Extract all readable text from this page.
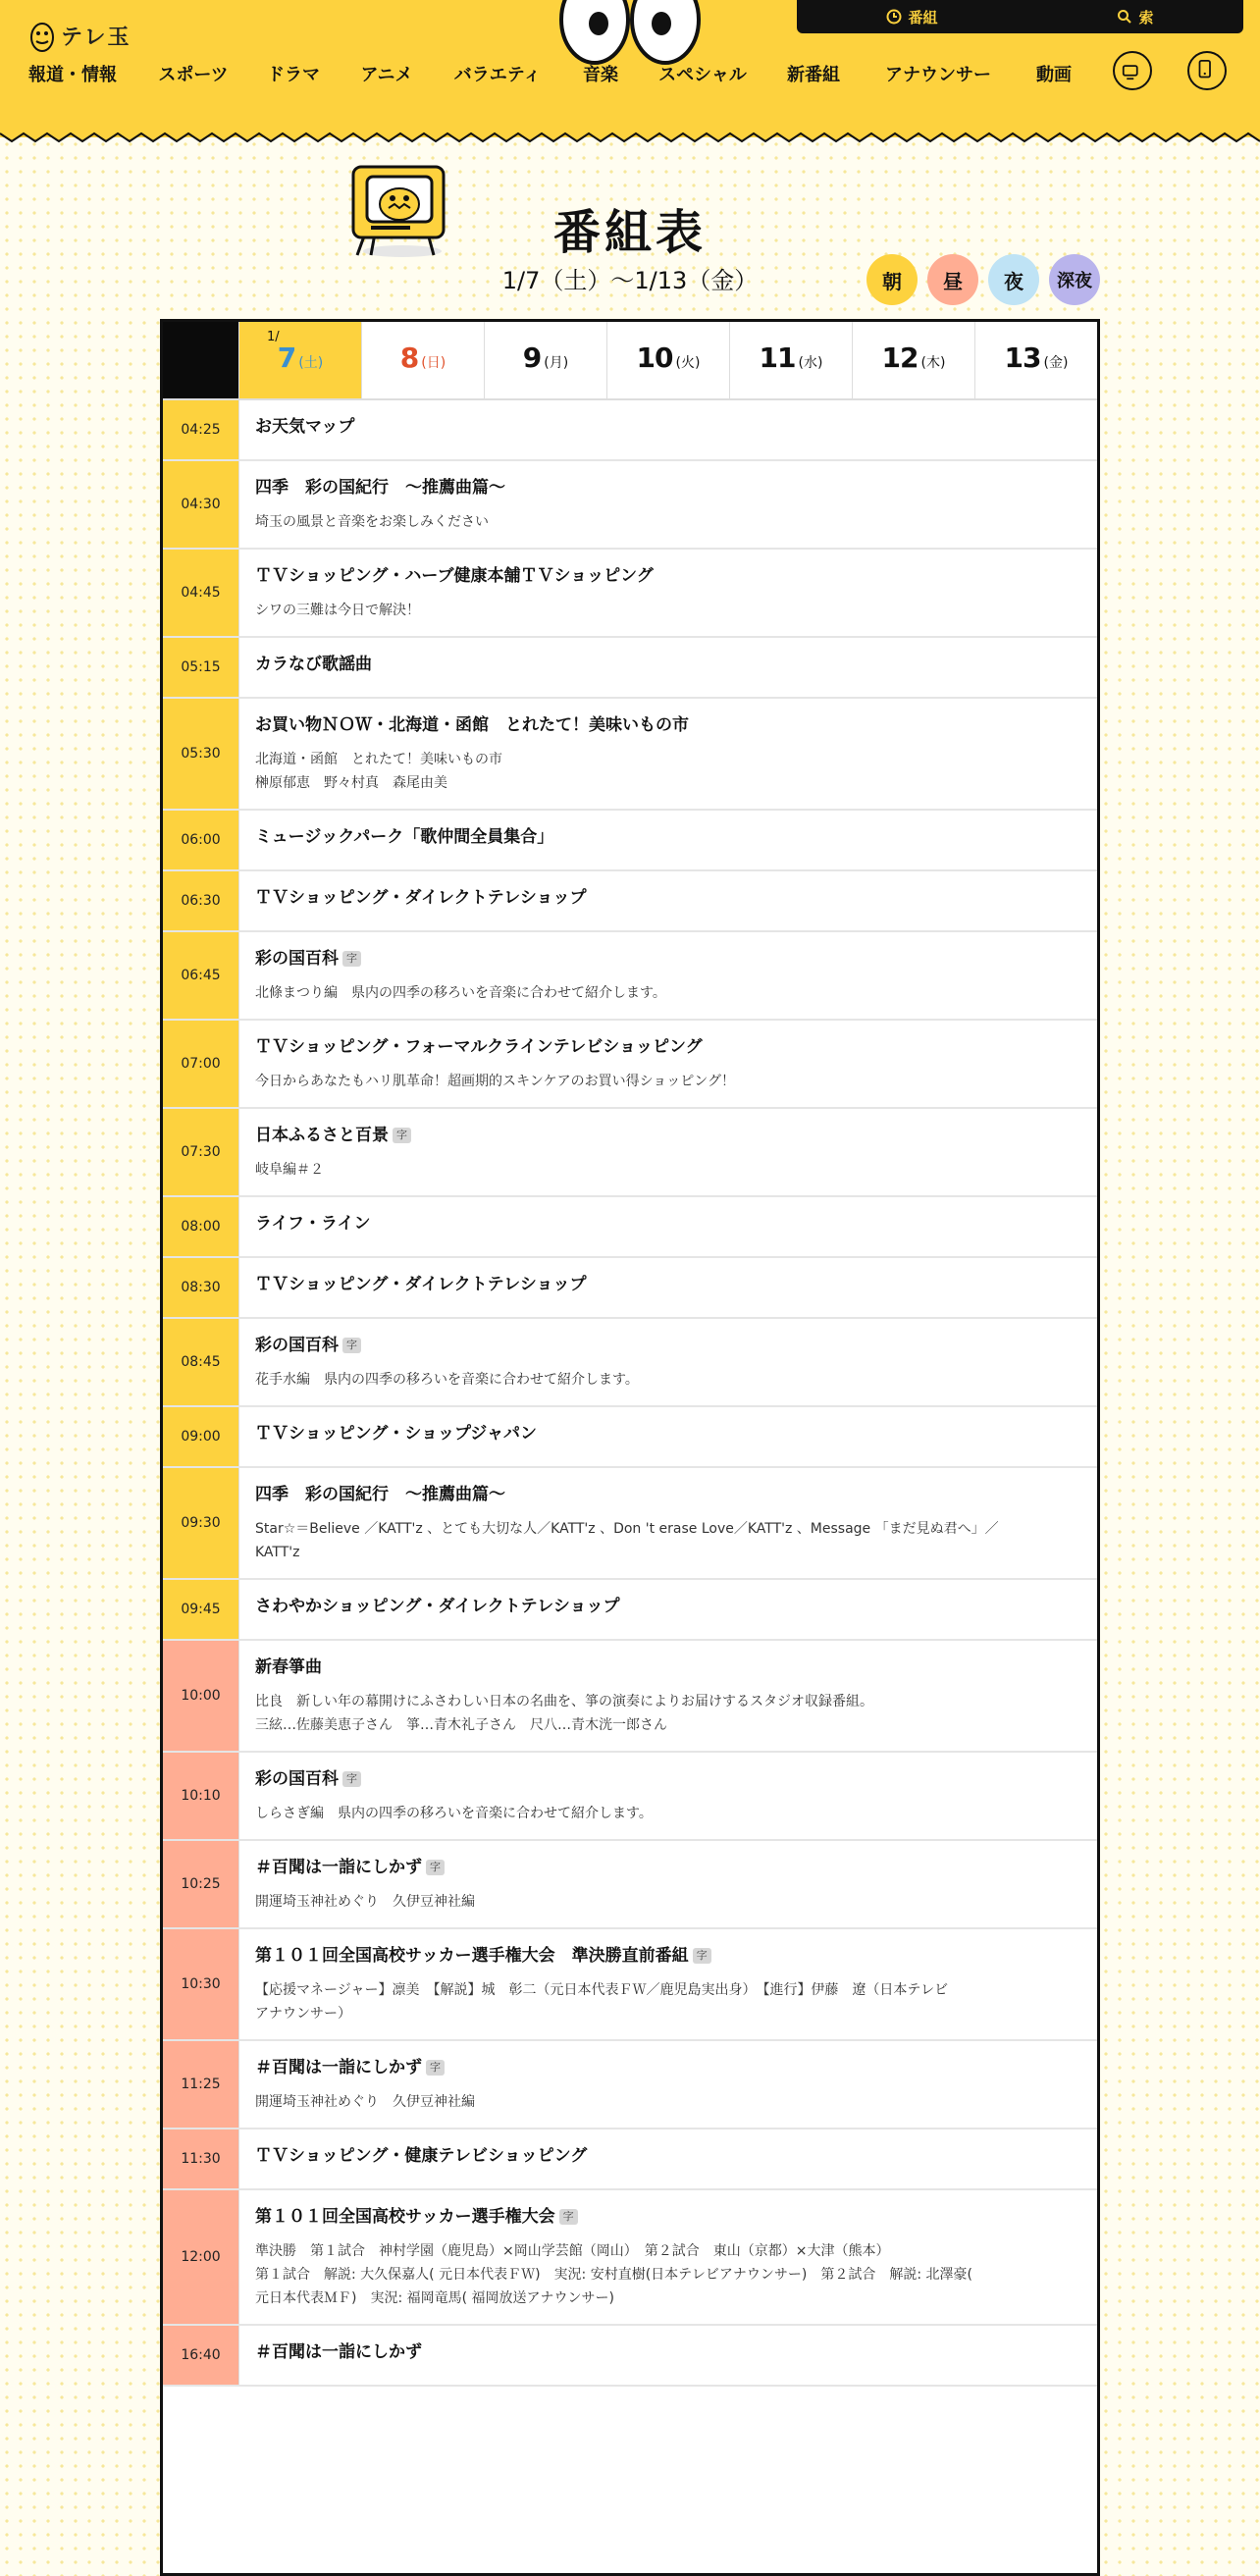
テレ玉
番組	索
報道・情報 スポーツ ドラマ アニメ バラエティ 音楽 スペシャル 新番組	アナウンサー	動画
番組表
1/7（土）〜1/13（金）	朝 昼 夜 深夜
1/
7 (土)	8 (日)	9 (月) 10 (火) 11 (水) 12 (木) 13 (金)
04:25	お天気マップ
04:30
四季　彩の国紀行　～推薦曲篇～
埼玉の風景と音楽をお楽しみください
04:45
ＴＶショッピング・ハーブ健康本舗ＴＶショッピング
シワの三難は今日で解決！
05:15	カラなび歌謡曲
05:30
お買い物ＮＯＷ・北海道・函館　とれたて！美味いもの市
北海道・函館　とれたて！美味いもの市
榊原郁恵　野々村真　森尾由美
06:00	ミュージックパーク「歌仲間全員集合」
06:30	ＴＶショッピング・ダイレクトテレショップ
06:45
彩の国百科 字
北條まつり編　県内の四季の移ろいを音楽に合わせて紹介します。
07:00
ＴＶショッピング・フォーマルクラインテレビショッピング
今日からあなたもハリ肌革命！超画期的スキンケアのお買い得ショッピング！
07:30
日本ふるさと百景 字
岐阜編＃２
08:00	ライフ・ライン
08:30	ＴＶショッピング・ダイレクトテレショップ
08:45
彩の国百科 字
花手水編　県内の四季の移ろいを音楽に合わせて紹介します。
09:00	ＴＶショッピング・ショップジャパン
09:30
四季　彩の国紀行　～推薦曲篇～
Star☆＝Believe ／KATT'z 、とても大切な人／KATT'z 、Don 't erase Love／KATT'z 、Message 「まだ見ぬ君へ」／
KATT'z
09:45	さわやかショッピング・ダイレクトテレショップ
10:00
新春箏曲
比良　新しい年の幕開けにふさわしい日本の名曲を、箏の演奏によりお届けするスタジオ収録番組。
三絃…佐藤美恵子さん　箏…青木礼子さん　尺八…青木洸一郎さん
10:10
彩の国百科 字
しらさぎ編　県内の四季の移ろいを音楽に合わせて紹介します。
10:25
＃百聞は一詣にしかず 字
開運埼玉神社めぐり　久伊豆神社編
10:30
第１０１回全国高校サッカー選手権大会　準決勝直前番組 字
【応援マネージャー】凛美　【解説】城　彰二（元日本代表ＦＷ／鹿児島実出身）　【進行】伊藤　遼（日本テレビ
アナウンサー）
11:25
＃百聞は一詣にしかず 字
開運埼玉神社めぐり　久伊豆神社編
11:30	ＴＶショッピング・健康テレビショッピング
12:00
第１０１回全国高校サッカー選手権大会 字
準決勝　第１試合　神村学園（鹿児島）×岡山学芸館（岡山）　第２試合　東山（京都）×大津（熊本）
第１試合　解説: 大久保嘉人( 元日本代表ＦＷ)　実況: 安村直樹(日本テレビアナウンサー)　第２試合　解説: 北澤豪(
元日本代表ＭＦ)　実況: 福岡竜馬( 福岡放送アナウンサー)
16:40	＃百聞は一詣にしかず
